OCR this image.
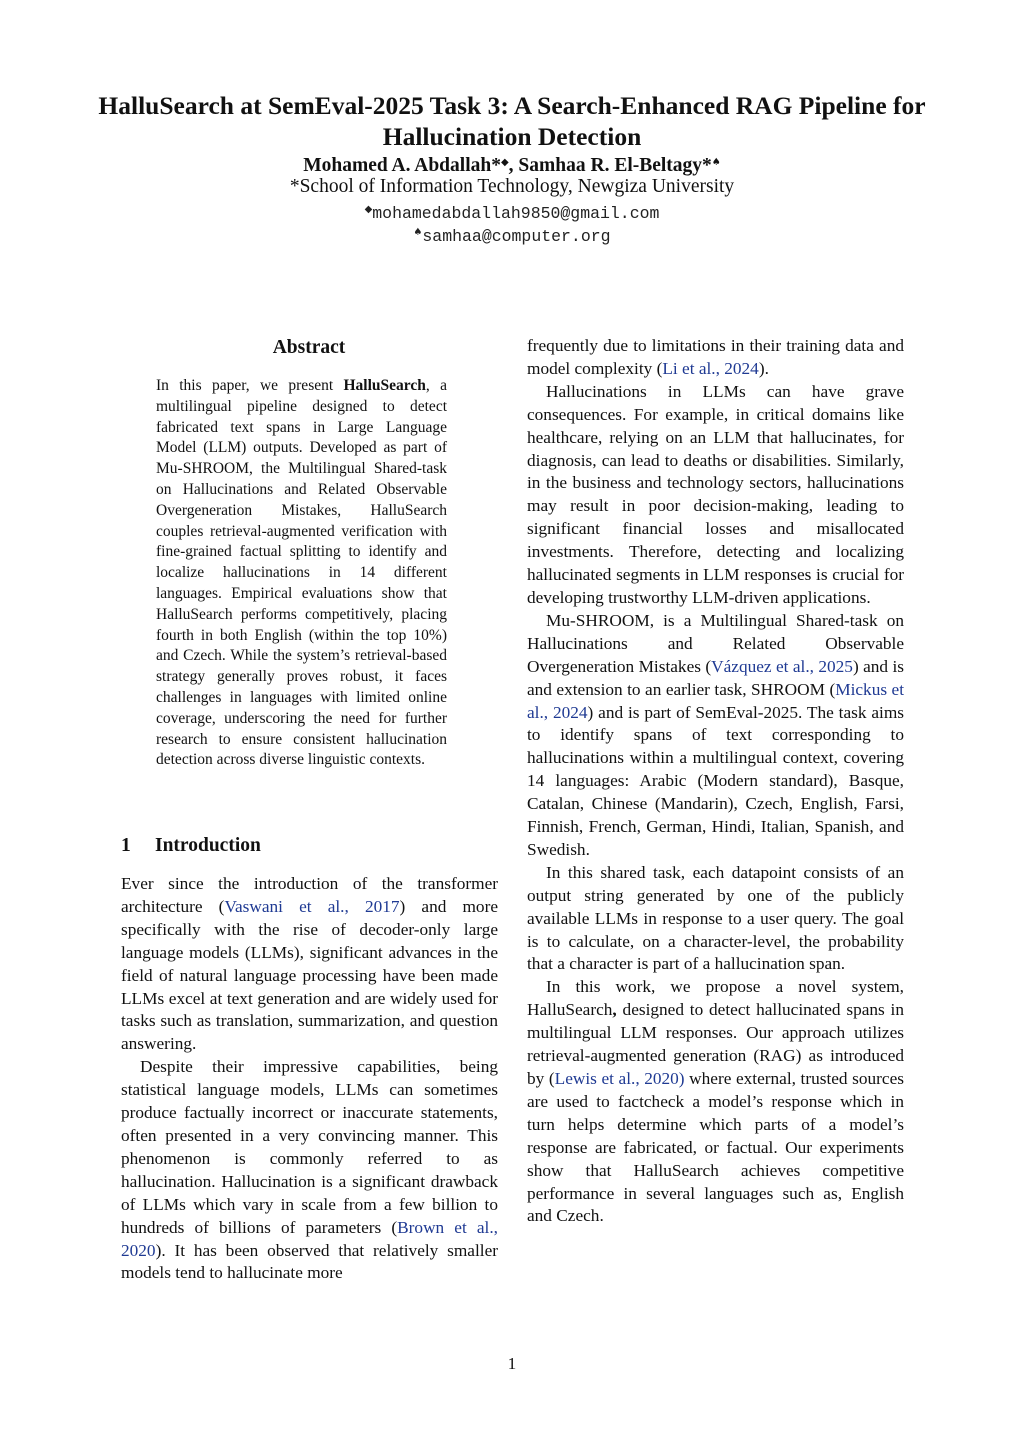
HalluSearch at SemEval-2025 Task 3: A Search-Enhanced RAG Pipeline for
Hallucination Detection
Mohamed A. Abdallah*◆, Samhaa R. El-Beltagy*♠
*School of Information Technology, Newgiza University
◆mohamedabdallah9850@gmail.com
♠samhaa@computer.org
Abstract
In this paper, we present HalluSearch, a multilingual pipeline designed to detect fabricated text spans in Large Language Model (LLM) outputs. Developed as part of Mu-SHROOM, the Multilingual Shared-task on Hallucinations and Related Observable Overgeneration Mistakes, HalluSearch couples retrieval-augmented verification with fine-grained factual splitting to identify and localize hallucinations in 14 different languages. Empirical evaluations show that HalluSearch performs competitively, placing fourth in both English (within the top 10%) and Czech. While the system’s retrieval-based strategy generally proves robust, it faces challenges in languages with limited online coverage, underscoring the need for further research to ensure consistent hallucination detection across diverse linguistic contexts.
1 Introduction

Ever since the introduction of the transformer architecture (Vaswani et al., 2017) and more specifically with the rise of decoder-only large language models (LLMs), significant advances in the field of natural language processing have been made LLMs excel at text generation and are widely used for tasks such as translation, summarization, and question answering.

Despite their impressive capabilities, being statistical language models, LLMs can sometimes produce factually incorrect or inaccurate statements, often presented in a very convincing manner. This phenomenon is commonly referred to as hallucination. Hallucination is a significant drawback of LLMs which vary in scale from a few billion to hundreds of billions of parameters (Brown et al., 2020). It has been observed that relatively smaller models tend to hallucinate more

frequently due to limitations in their training data and model complexity (Li et al., 2024).

Hallucinations in LLMs can have grave consequences. For example, in critical domains like healthcare, relying on an LLM that hallucinates, for diagnosis, can lead to deaths or disabilities. Similarly, in the business and technology sectors, hallucinations may result in poor decision-making, leading to significant financial losses and misallocated investments. Therefore, detecting and localizing hallucinated segments in LLM responses is crucial for developing trustworthy LLM-driven applications.

Mu-SHROOM, is a Multilingual Shared-task on Hallucinations and Related Observable Overgeneration Mistakes (Vázquez et al., 2025) and is and extension to an earlier task, SHROOM (Mickus et al., 2024) and is part of SemEval-2025. The task aims to identify spans of text corresponding to hallucinations within a multilingual context, covering 14 languages: Arabic (Modern standard), Basque, Catalan, Chinese (Mandarin), Czech, English, Farsi, Finnish, French, German, Hindi, Italian, Spanish, and Swedish.

In this shared task, each datapoint consists of an output string generated by one of the publicly available LLMs in response to a user query. The goal is to calculate, on a character-level, the probability that a character is part of a hallucination span.

In this work, we propose a novel system, HalluSearch, designed to detect hallucinated spans in multilingual LLM responses. Our approach utilizes retrieval-augmented generation (RAG) as introduced by (Lewis et al., 2020) where external, trusted sources are used to factcheck a model’s response which in turn helps determine which parts of a model’s response are fabricated, or factual. Our experiments show that HalluSearch achieves competitive performance in several languages such as, English and Czech.

1
